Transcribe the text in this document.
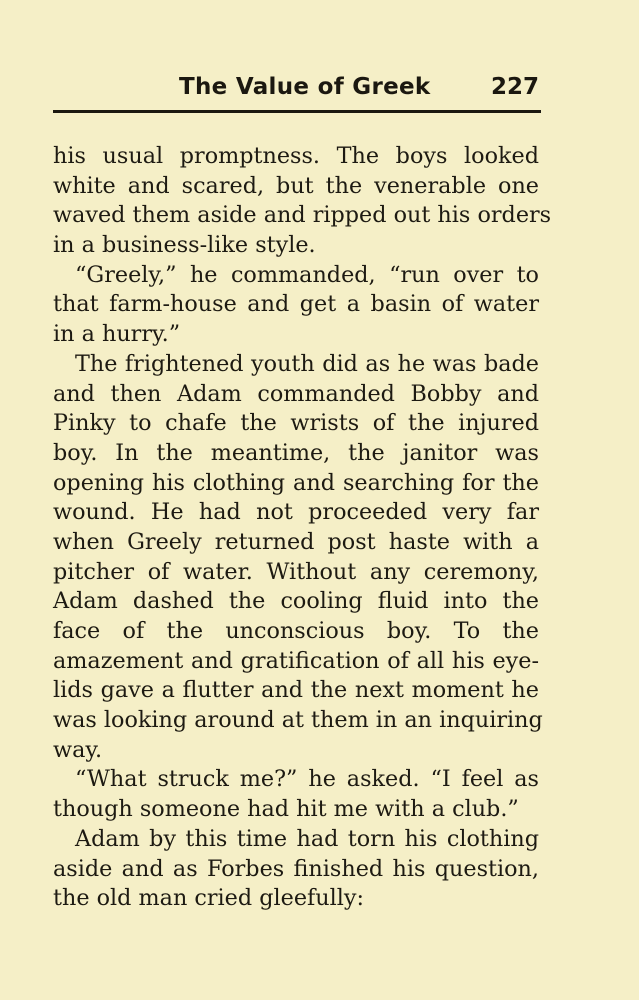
The Value of Greek	227
his usual promptness. The boys looked
white and scared, but the venerable one
waved them aside and ripped out his orders
in a business-like style.
“Greely,” he commanded, “run over to
that farm-house and get a basin of water
in a hurry.”
The frightened youth did as he was bade
and then Adam commanded Bobby and
Pinky to chafe the wrists of the injured
boy. In the meantime, the janitor was
opening his clothing and searching for the
wound. He had not proceeded very far
when Greely returned post haste with a
pitcher of water. Without any ceremony,
Adam dashed the cooling fluid into the
face of the unconscious boy. To the
amazement and gratification of all his eye-
lids gave a flutter and the next moment he
was looking around at them in an inquiring
way.
“What struck me?” he asked. “I feel as
though someone had hit me with a club.”
Adam by this time had torn his clothing
aside and as Forbes finished his question,
the old man cried gleefully:
